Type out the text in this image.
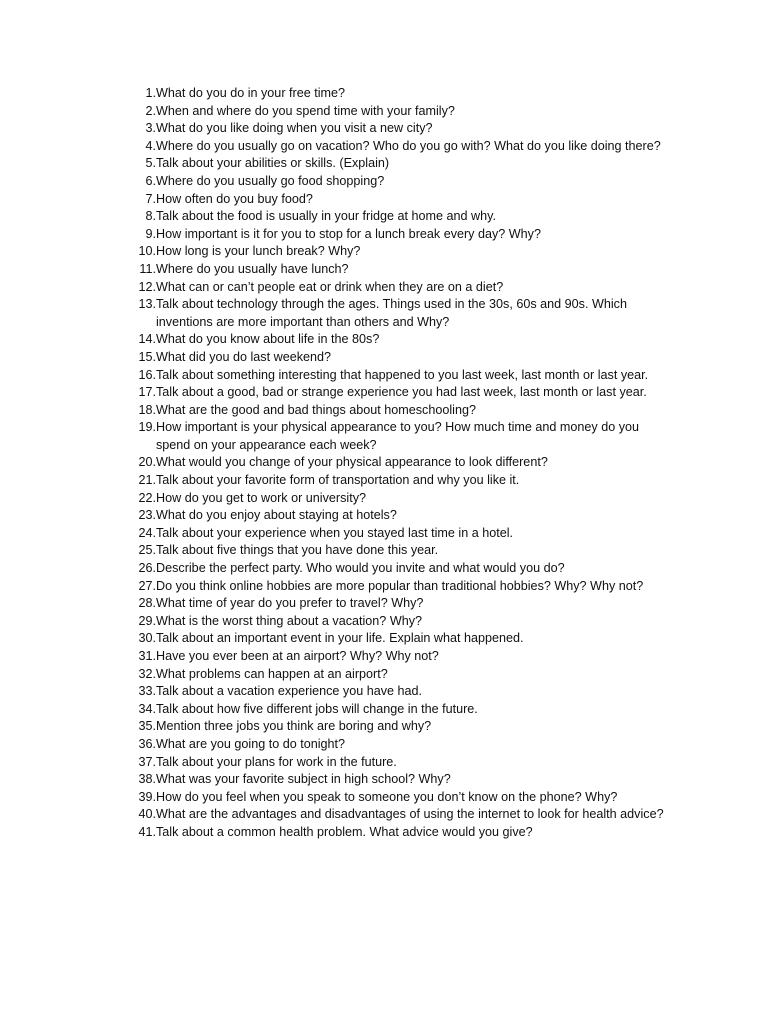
1. What do you do in your free time?
2. When and where do you spend time with your family?
3. What do you like doing when you visit a new city?
4. Where do you usually go on vacation? Who do you go with? What do you like doing there?
5. Talk about your abilities or skills. (Explain)
6. Where do you usually go food shopping?
7. How often do you buy food?
8. Talk about the food is usually in your fridge at home and why.
9. How important is it for you to stop for a lunch break every day? Why?
10. How long is your lunch break? Why?
11. Where do you usually have lunch?
12. What can or can’t people eat or drink when they are on a diet?
13. Talk about technology through the ages. Things used in the 30s, 60s and 90s. Which inventions are more important than others and Why?
14. What do you know about life in the 80s?
15. What did you do last weekend?
16. Talk about something interesting that happened to you last week, last month or last year.
17. Talk about a good, bad or strange experience you had last week, last month or last year.
18. What are the good and bad things about homeschooling?
19. How important is your physical appearance to you? How much time and money do you spend on your appearance each week?
20. What would you change of your physical appearance to look different?
21. Talk about your favorite form of transportation and why you like it.
22. How do you get to work or university?
23. What do you enjoy about staying at hotels?
24. Talk about your experience when you stayed last time in a hotel.
25. Talk about five things that you have done this year.
26. Describe the perfect party. Who would you invite and what would you do?
27. Do you think online hobbies are more popular than traditional hobbies? Why? Why not?
28. What time of year do you prefer to travel? Why?
29. What is the worst thing about a vacation? Why?
30. Talk about an important event in your life. Explain what happened.
31. Have you ever been at an airport? Why? Why not?
32. What problems can happen at an airport?
33. Talk about a vacation experience you have had.
34. Talk about how five different jobs will change in the future.
35. Mention three jobs you think are boring and why?
36. What are you going to do tonight?
37. Talk about your plans for work in the future.
38. What was your favorite subject in high school? Why?
39. How do you feel when you speak to someone you don’t know on the phone? Why?
40. What are the advantages and disadvantages of using the internet to look for health advice?
41. Talk about a common health problem. What advice would you give?
